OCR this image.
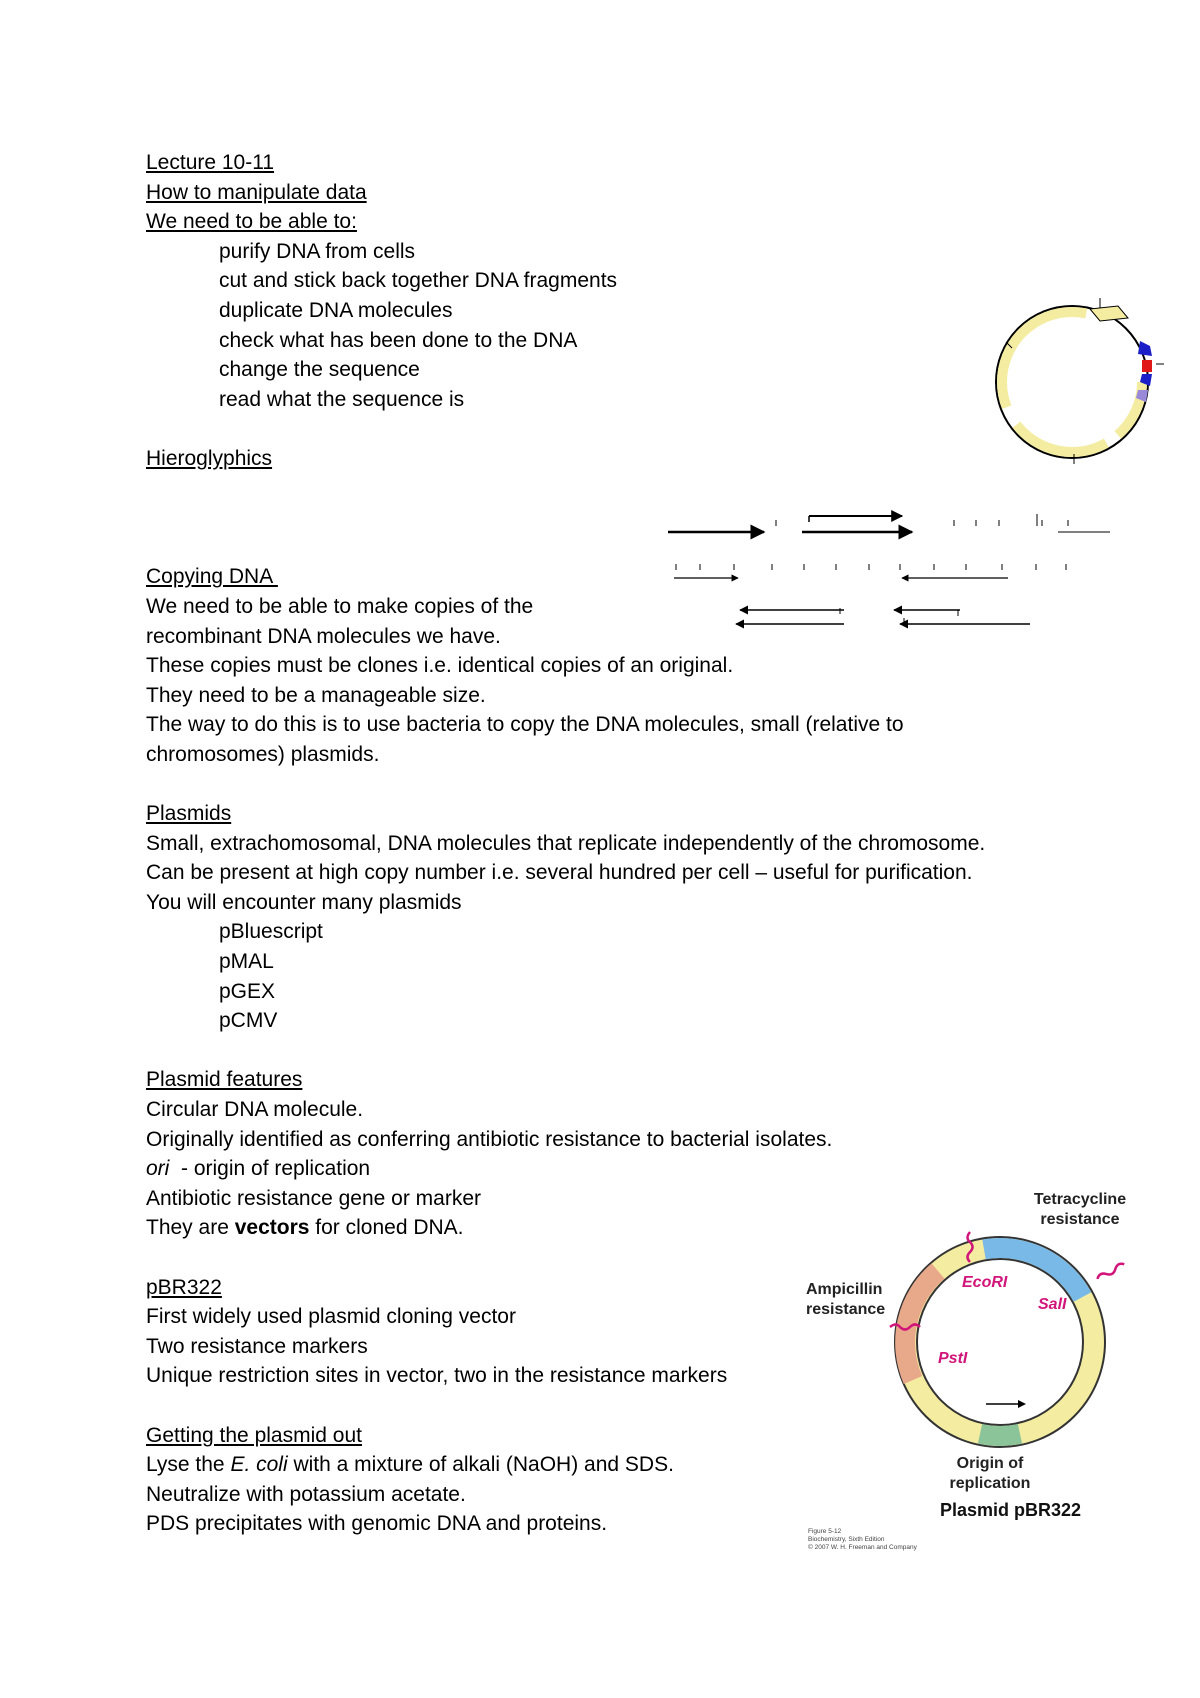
Lecture 10-11
How to manipulate data
We need to be able to:
purify DNA from cells
cut and stick back together DNA fragments
duplicate DNA molecules
check what has been done to the DNA
change the sequence
read what the sequence is
Hieroglyphics
Copying DNA
We need to be able to make copies of the
recombinant DNA molecules we have.
These copies must be clones i.e. identical copies of an original.
They need to be a manageable size.
The way to do this is to use bacteria to copy the DNA molecules, small (relative to
chromosomes) plasmids.
Plasmids
Small, extrachomosomal, DNA molecules that replicate independently of the chromosome.
Can be present at high copy number i.e. several hundred per cell – useful for purification.
You will encounter many plasmids
pBluescript
pMAL
pGEX
pCMV
Plasmid features
Circular DNA molecule.
Originally identified as conferring antibiotic resistance to bacterial isolates.
ori  - origin of replication
Antibiotic resistance gene or marker
They are vectors for cloned DNA.
pBR322
First widely used plasmid cloning vector
Two resistance markers
Unique restriction sites in vector, two in the resistance markers
Getting the plasmid out
Lyse the E. coli with a mixture of alkali (NaOH) and SDS.
Neutralize with potassium acetate.
PDS precipitates with genomic DNA and proteins.
Tetracycline resistance
Ampicillin resistance
EcoRI
SalI
PstI
Origin of replication
Plasmid pBR322
Figure 5-12
Biochemistry, Sixth Edition
© 2007 W. H. Freeman and Company
